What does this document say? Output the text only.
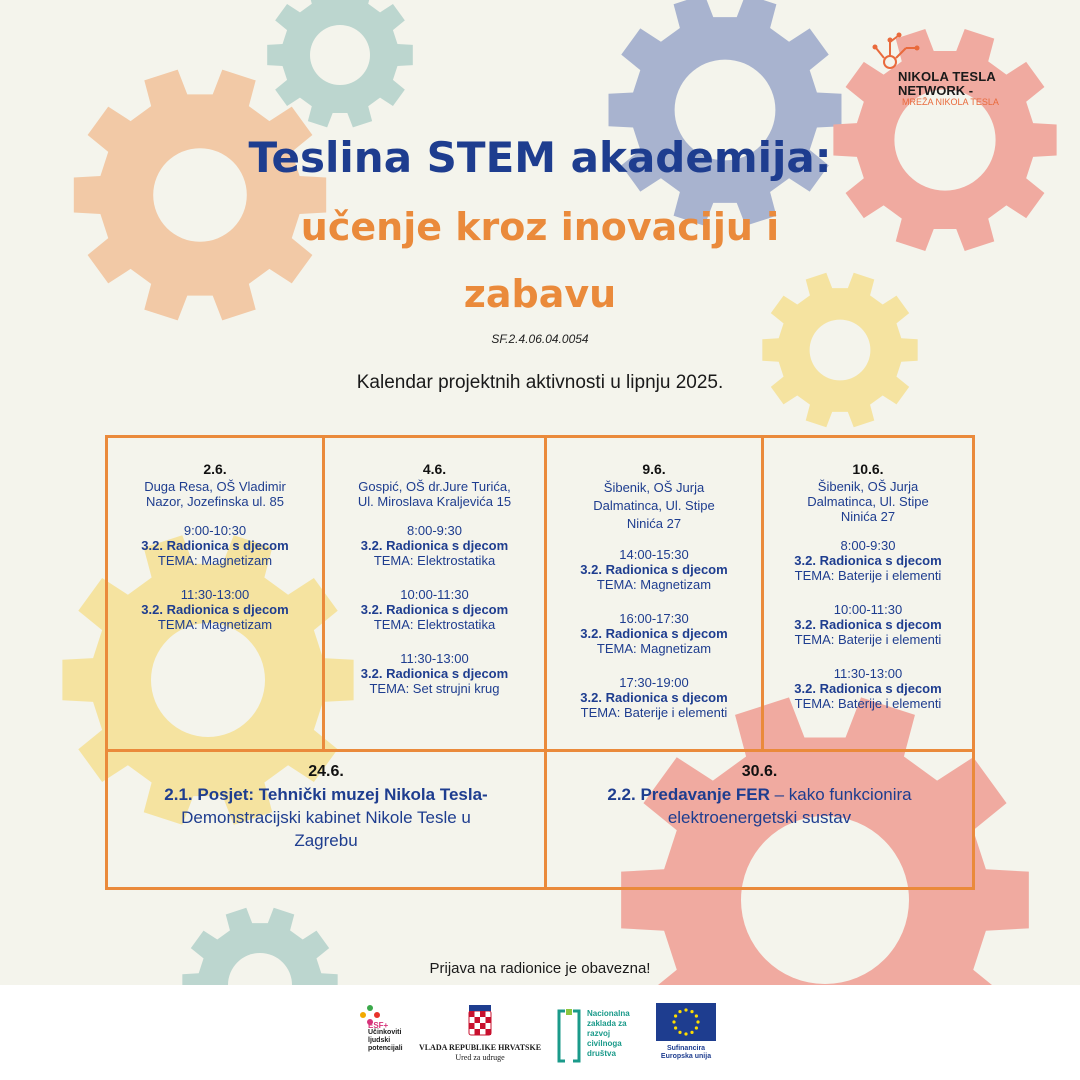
NIKOLA TESLA
NETWORK -
MREŽA NIKOLA TESLA
Teslina STEM akademija:
učenje kroz inovaciju i
zabavu
SF.2.4.06.04.0054
Kalendar projektnih aktivnosti u lipnju 2025.
2.6.
Duga Resa, OŠ Vladimir
Nazor, Jozefinska ul. 85
9:00-10:30
3.2. Radionica s djecom
TEMA: Magnetizam
11:30-13:00
3.2. Radionica s djecom
TEMA: Magnetizam
4.6.
Gospić, OŠ dr.Jure Turića,
Ul. Miroslava Kraljevića 15
8:00-9:30
3.2. Radionica s djecom
TEMA: Elektrostatika
10:00-11:30
3.2. Radionica s djecom
TEMA: Elektrostatika
11:30-13:00
3.2. Radionica s djecom
TEMA: Set strujni krug
9.6.
Šibenik, OŠ Jurja
Dalmatinca, Ul. Stipe
Ninića 27
14:00-15:30
3.2. Radionica s djecom
TEMA: Magnetizam
16:00-17:30
3.2. Radionica s djecom
TEMA: Magnetizam
17:30-19:00
3.2. Radionica s djecom
TEMA: Baterije i elementi
10.6.
Šibenik, OŠ Jurja
Dalmatinca, Ul. Stipe
Ninića 27
8:00-9:30
3.2. Radionica s djecom
TEMA: Baterije i elementi
10:00-11:30
3.2. Radionica s djecom
TEMA: Baterije i elementi
11:30-13:00
3.2. Radionica s djecom
TEMA: Baterije i elementi
24.6.
2.1. Posjet: Tehnički muzej Nikola Tesla-
Demonstracijski kabinet Nikole Tesle u
Zagrebu
30.6.
2.2. Predavanje FER – kako funkcionira
elektroenergetski sustav
Prijava na radionice je obavezna!
ESF+
Učinkoviti
ljudski
potencijali VLADA REPUBLIKE HRVATSKE
Ured za udruge
Nacionalna
zaklada za
razvoj
civilnoga
društva
Sufinancira
Europska unija
